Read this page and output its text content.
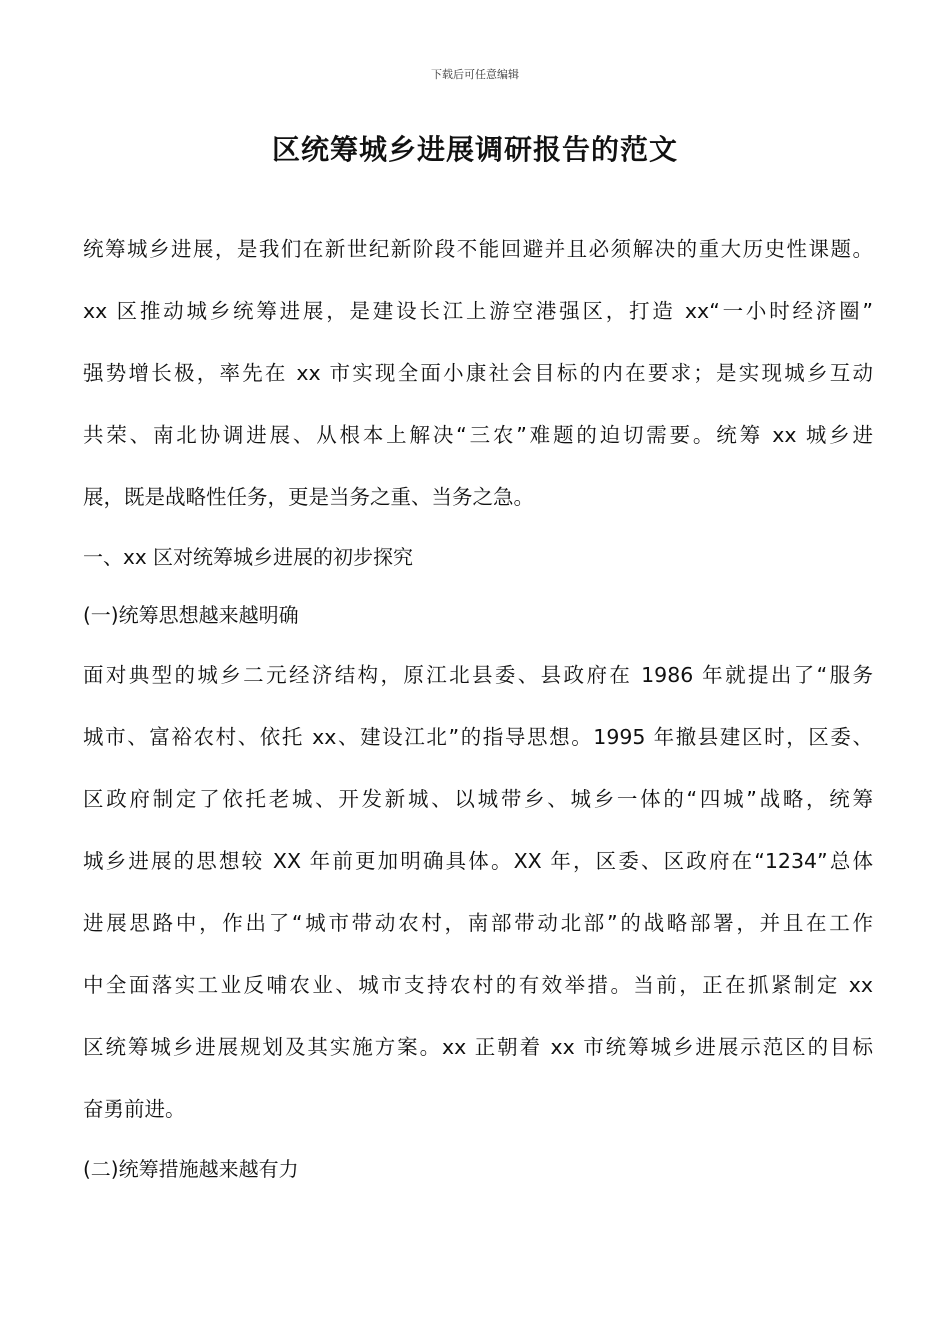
下载后可任意编辑
区统筹城乡进展调研报告的范文
统筹城乡进展，是我们在新世纪新阶段不能回避并且必须解决的重大历史性课题。
xx 区推动城乡统筹进展，是建设长江上游空港强区，打造 xx“一小时经济圈”
强势增长极，率先在 xx 市实现全面小康社会目标的内在要求；是实现城乡互动
共荣、南北协调进展、从根本上解决“三农”难题的迫切需要。统筹 xx 城乡进
展，既是战略性任务，更是当务之重、当务之急。
一、xx 区对统筹城乡进展的初步探究
(一)统筹思想越来越明确
面对典型的城乡二元经济结构，原江北县委、县政府在 1986 年就提出了“服务
城市、富裕农村、依托 xx、建设江北”的指导思想。1995 年撤县建区时，区委、
区政府制定了依托老城、开发新城、以城带乡、城乡一体的“四城”战略，统筹
城乡进展的思想较 XX 年前更加明确具体。XX 年，区委、区政府在“1234”总体
进展思路中，作出了“城市带动农村，南部带动北部”的战略部署，并且在工作
中全面落实工业反哺农业、城市支持农村的有效举措。当前，正在抓紧制定 xx
区统筹城乡进展规划及其实施方案。xx 正朝着 xx 市统筹城乡进展示范区的目标
奋勇前进。
(二)统筹措施越来越有力
